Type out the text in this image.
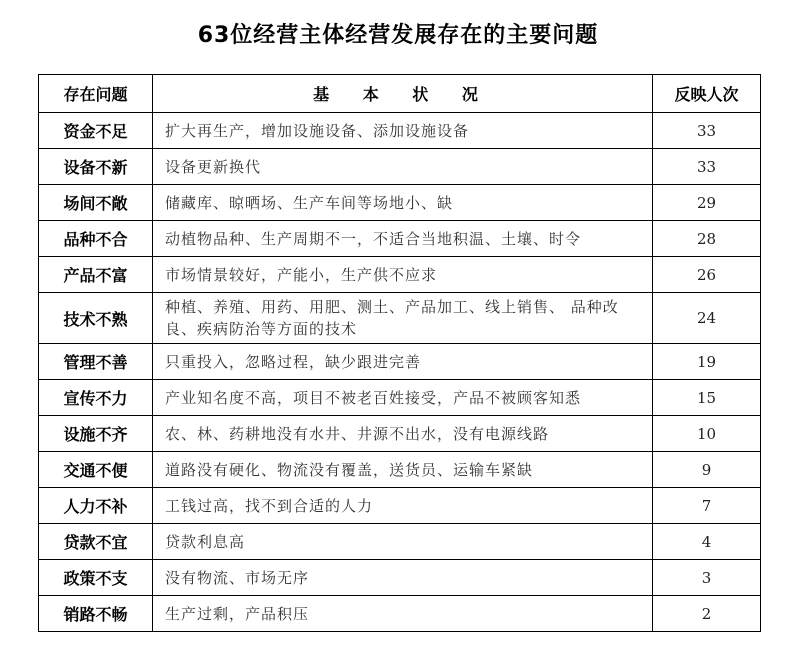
63位经营主体经营发展存在的主要问题
存在问题	基 本 状 况	反映人次
资金不足	扩大再生产，增加设施设备、添加设施设备	33
设备不新	设备更新换代	33
场间不敞	储藏库、晾晒场、生产车间等场地小、缺	29
品种不合	动植物品种、生产周期不一，不适合当地积温、土壤、时令	28
产品不富	市场情景较好，产能小，生产供不应求	26
技术不熟	种植、养殖、用药、用肥、测土、产品加工、线上销售、 品种改良、疾病防治等方面的技术	24
管理不善	只重投入，忽略过程，缺少跟进完善	19
宣传不力	产业知名度不高，项目不被老百姓接受，产品不被顾客知悉	15
设施不齐	农、林、药耕地没有水井、井源不出水，没有电源线路	10
交通不便	道路没有硬化、物流没有覆盖，送货员、运输车紧缺	9
人力不补	工钱过高，找不到合适的人力	7
贷款不宜	贷款利息高	4
政策不支	没有物流、市场无序	3
销路不畅	生产过剩，产品积压	2
